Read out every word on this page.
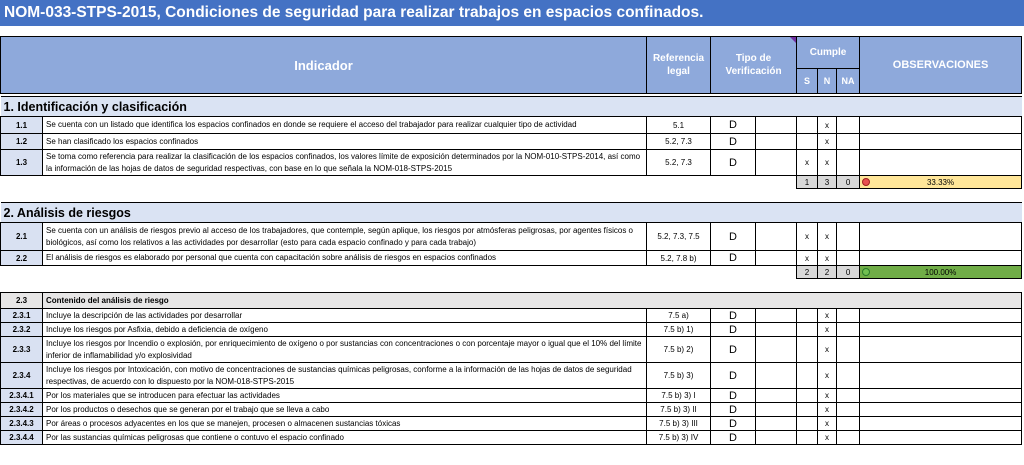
NOM-033-STPS-2015, Condiciones de seguridad para realizar trabajos en espacios confinados.
Indicador		Referencia legal	Tipo de Verificación		Cumple			OBSERVACIONES
					S	N	NA	

1. Identificación y clasificación								
1.1	Se cuenta con un listado que identifica los espacios confinados en donde se requiere el acceso del trabajador para realizar cualquier tipo de actividad	5.1	D			x		
1.2	Se han clasificado los espacios confinados	5.2, 7.3	D			x		
1.3	Se toma como referencia para realizar la clasificación de los espacios confinados, los valores límite de exposición determinados por la NOM-010-STPS-2014, así como la información de las hojas de datos de seguridad respectivas, con base en lo que señala la NOM-018-STPS-2015	5.2, 7.3	D		x	x		
					1	3	0	33.33%

2. Análisis de riesgos								
2.1	Se cuenta con un análisis de riesgos previo al acceso de los trabajadores, que contemple, según aplique, los riesgos por atmósferas peligrosas, por agentes físicos o biológicos, así como los relativos a las actividades por desarrollar (esto para cada espacio confinado y para cada trabajo)	5.2, 7.3, 7.5	D		x	x		
2.2	El análisis de riesgos es elaborado por personal que cuenta con capacitación sobre análisis de riesgos en espacios confinados	5.2, 7.8 b)	D		x	x		
					2	2	0	100.00%

2.3	Contenido del análisis de riesgo							
2.3.1	Incluye la descripción de las actividades por desarrollar	7.5 a)	D			x		
2.3.2	Incluye los riesgos por Asfixia, debido a deficiencia de oxígeno	7.5 b) 1)	D			x		
2.3.3	Incluye los riesgos por Incendio o explosión, por enriquecimiento de oxígeno o por sustancias con concentraciones o con porcentaje mayor o igual que el 10% del límite inferior de inflamabilidad y/o explosividad	7.5 b) 2)	D			x		
2.3.4	Incluye los riesgos por Intoxicación, con motivo de concentraciones de sustancias químicas peligrosas, conforme a la información de las hojas de datos de seguridad respectivas, de acuerdo con lo dispuesto por la NOM-018-STPS-2015	7.5 b) 3)	D			x		
2.3.4.1	Por los materiales que se introducen para efectuar las actividades	7.5 b) 3) I	D			x		
2.3.4.2	Por los productos o desechos que se generan por el trabajo que se lleva a cabo	7.5 b) 3) II	D			x		
2.3.4.3	Por áreas o procesos adyacentes en los que se manejen, procesen o almacenen sustancias tóxicas	7.5 b) 3) III	D			x		
2.3.4.4	Por las sustancias químicas peligrosas que contiene o contuvo el espacio confinado	7.5 b) 3) IV	D			x		
